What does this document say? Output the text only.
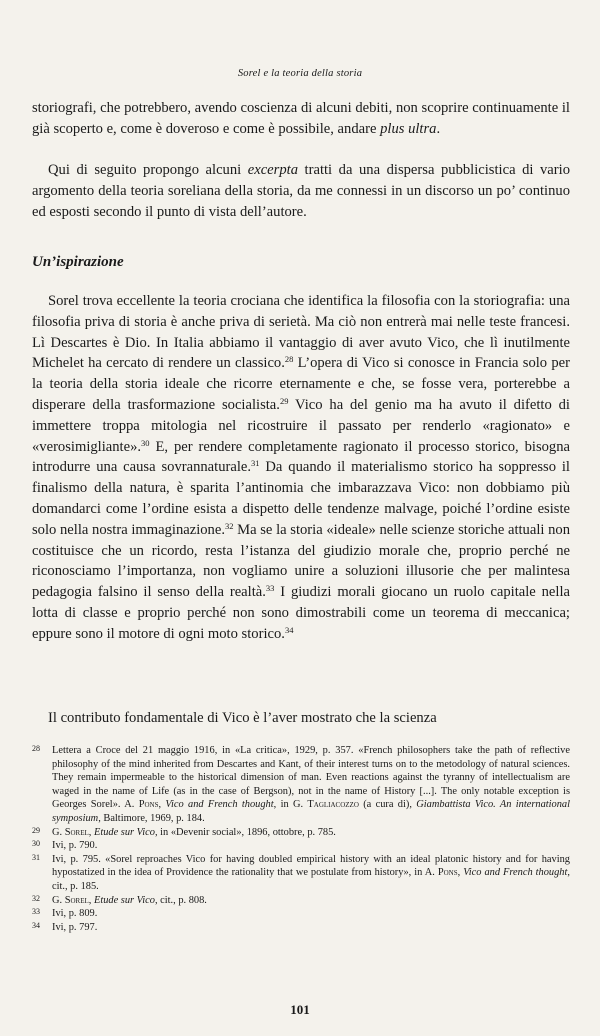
Sorel e la teoria della storia

storiografi, che potrebbero, avendo coscienza di alcuni debiti, non scoprire continuamente il già scoperto e, come è doveroso e come è possibile, andare plus ultra.

Qui di seguito propongo alcuni excerpta tratti da una dispersa pubblicistica di vario argomento della teoria soreliana della storia, da me connessi in un discorso un po’ continuo ed esposti secondo il punto di vista dell’autore.

Un’ispirazione

Sorel trova eccellente la teoria crociana che identifica la filosofia con la storiografia: una filosofia priva di storia è anche priva di serietà. Ma ciò non entrerà mai nelle teste francesi. Lì Descartes è Dio. In Italia abbiamo il vantaggio di aver avuto Vico, che lì inutilmente Michelet ha cercato di rendere un classico.$^{28}$ L’opera di Vico si conosce in Francia solo per la teoria della storia ideale che ricorre eternamente e che, se fosse vera, porterebbe a disperare della trasformazione socialista.$^{29}$ Vico ha del genio ma ha avuto il difetto di immettere troppa mitologia nel ricostruire il passato per renderlo «ragionato» e «verosimigliante».$^{30}$ E, per rendere completamente ragionato il processo storico, bisogna introdurre una causa sovrannaturale.$^{31}$ Da quando il materialismo storico ha soppresso il finalismo della natura, è sparita l’antinomia che imbarazzava Vico: non dobbiamo più domandarci come l’ordine esista a dispetto delle tendenze malvage, poiché l’ordine esiste solo nella nostra immaginazione.$^{32}$ Ma se la storia «ideale» nelle scienze storiche attuali non costituisce che un ricordo, resta l’istanza del giudizio morale che, proprio perché ne riconosciamo l’importanza, non vogliamo unire a soluzioni illusorie che per malintesa pedagogia falsino il senso della realtà.$^{33}$ I giudizi morali giocano un ruolo capitale nella lotta di classe e proprio perché non sono dimostrabili come un teorema di meccanica; eppure sono il motore di ogni moto storico.$^{34}$

Il contributo fondamentale di Vico è l’aver mostrato che la scienza

28 Lettera a Croce del 21 maggio 1916, in «La critica», 1929, p. 357. «French philosophers take the path of reflective philosophy of the mind inherited from Descartes and Kant, of their interest turns on to the metodology of natural sciences. They remain impermeable to the historical dimension of man. Even reactions against the tyranny of intellectualism are waged in the name of Life (as in the case of Bergson), not in the name of History [...]. The only notable exception is Georges Sorel». A. Pons, Vico and French thought, in G. Tagliacozzo (a cura di), Giambattista Vico. An international symposium, Baltimore, 1969, p. 184.

29 G. Sorel, Etude sur Vico, in «Devenir social», 1896, ottobre, p. 785.

30 Ivi, p. 790.

31 Ivi, p. 795. «Sorel reproaches Vico for having doubled empirical history with an ideal platonic history and for having hypostatized in the idea of Providence the rationality that we postulate from history», in A. Pons, Vico and French thought, cit., p. 185.

32 G. Sorel, Etude sur Vico, cit., p. 808.

33 Ivi, p. 809.

34 Ivi, p. 797.

101
